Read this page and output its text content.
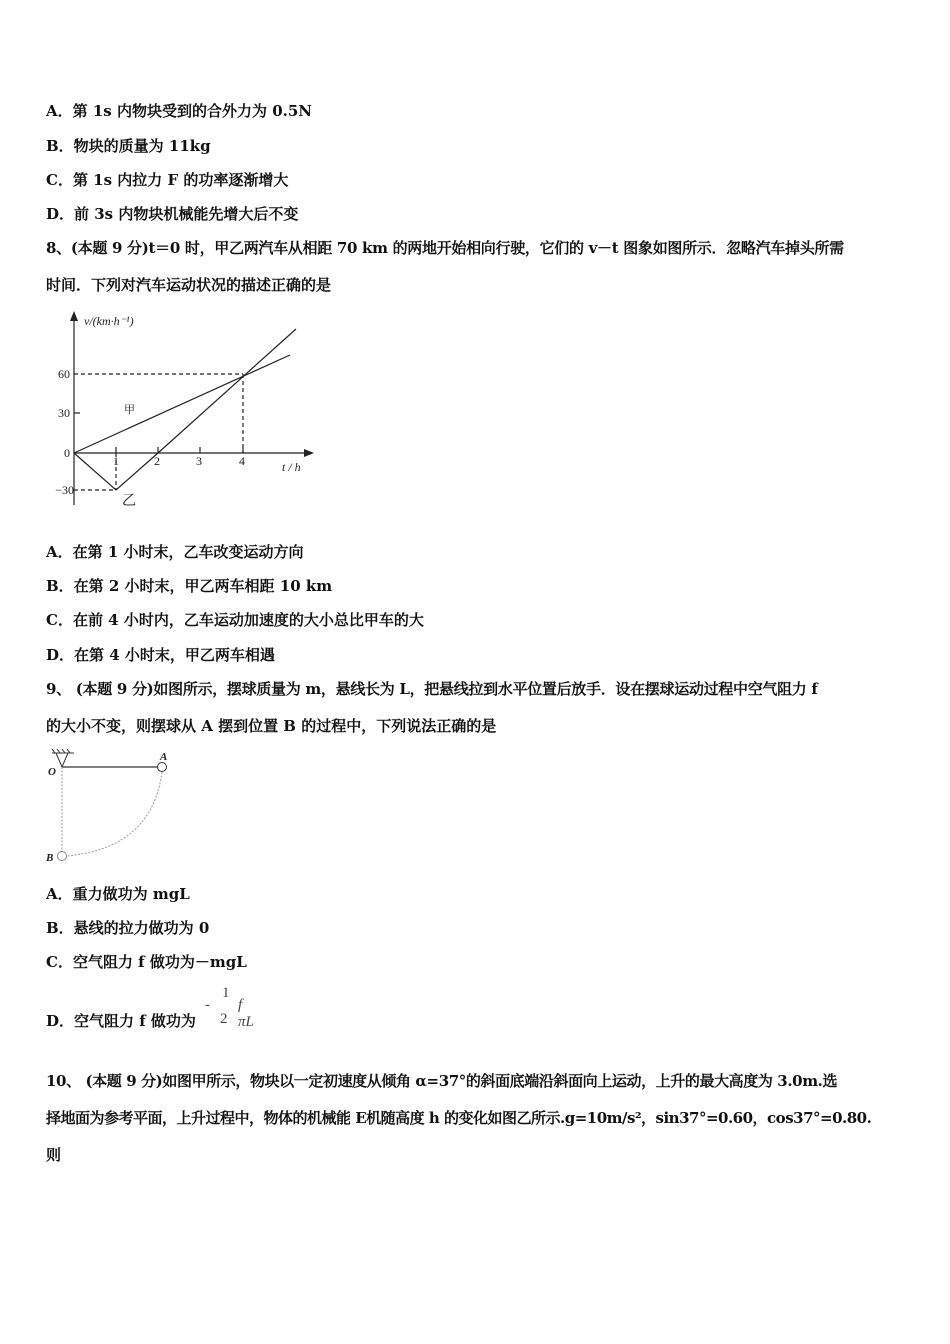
A．第 1s 内物块受到的合外力为 0.5N
B．物块的质量为 11kg
C．第 1s 内拉力 F 的功率逐渐增大
D．前 3s 内物块机械能先增大后不变
8、(本题 9 分)t＝0 时，甲乙两汽车从相距 70 km 的两地开始相向行驶，它们的 v－t 图象如图所示．忽略汽车掉头所需
时间．下列对汽车运动状况的描述正确的是
v/(km·h⁻¹)
t / h
60
30
0
−30
1	2	3	4
甲
乙
A．在第 1 小时末，乙车改变运动方向
B．在第 2 小时末，甲乙两车相距 10 km
C．在前 4 小时内，乙车运动加速度的大小总比甲车的大
D．在第 4 小时末，甲乙两车相遇
9、 (本题 9 分)如图所示，摆球质量为 m，悬线长为 L，把悬线拉到水平位置后放手．设在摆球运动过程中空气阻力 f
的大小不变，则摆球从 A 摆到位置 B 的过程中，下列说法正确的是
O
A
B
A．重力做功为 mgL
B．悬线的拉力做功为 0
C．空气阻力 f 做功为－mgL
D．空气阻力 f 做功为
-
1
2
f πL
10、 (本题 9 分)如图甲所示，物块以一定初速度从倾角 α=37°的斜面底端沿斜面向上运动，上升的最大高度为 3.0m.选
择地面为参考平面，上升过程中，物体的机械能 E机随高度 h 的变化如图乙所示.g=10m/s²，sin37°=0.60，cos37°=0.80.
则
